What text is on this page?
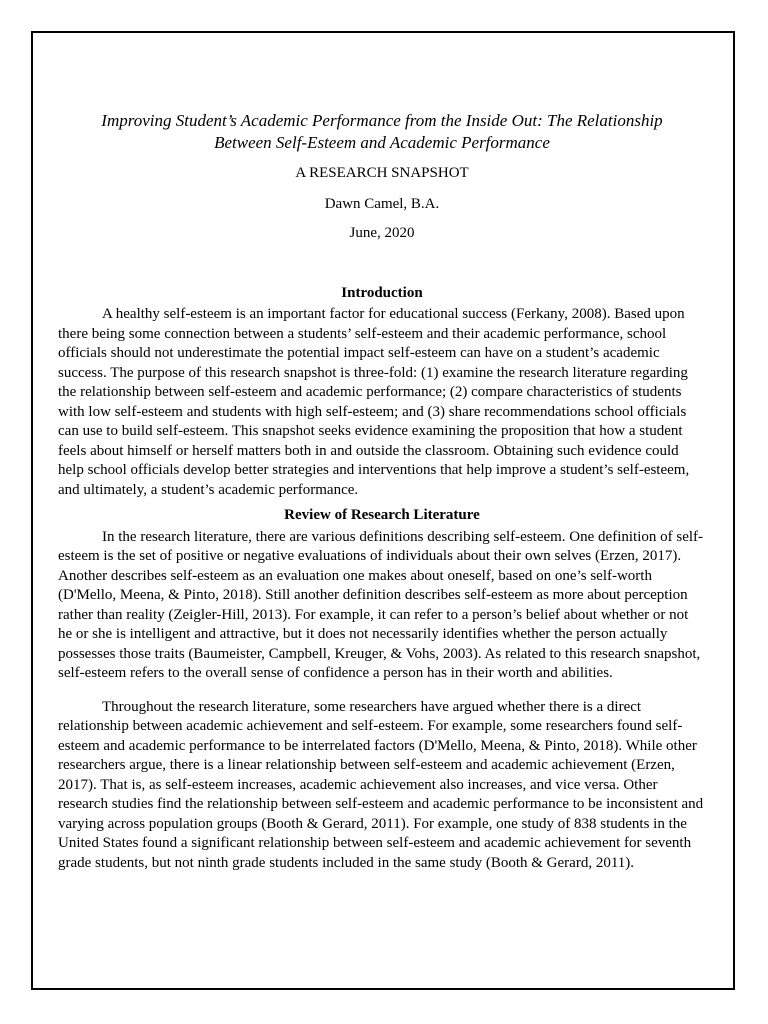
Improving Student’s Academic Performance from the Inside Out: The Relationship
Between Self-Esteem and Academic Performance
A RESEARCH SNAPSHOT
Dawn Camel, B.A.
June, 2020
Introduction

A healthy self-esteem is an important factor for educational success (Ferkany, 2008). Based upon there being some connection between a students’ self-esteem and their academic performance, school officials should not underestimate the potential impact self-esteem can have on a student’s academic success. The purpose of this research snapshot is three-fold: (1) examine the research literature regarding the relationship between self-esteem and academic performance; (2) compare characteristics of students with low self-esteem and students with high self-esteem; and (3) share recommendations school officials can use to build self-esteem. This snapshot seeks evidence examining the proposition that how a student feels about himself or herself matters both in and outside the classroom. Obtaining such evidence could help school officials develop better strategies and interventions that help improve a student’s self-esteem, and ultimately, a student’s academic performance.

Review of Research Literature

In the research literature, there are various definitions describing self-esteem. One definition of self-esteem is the set of positive or negative evaluations of individuals about their own selves (Erzen, 2017). Another describes self-esteem as an evaluation one makes about oneself, based on one’s self-worth (D'Mello, Meena, & Pinto, 2018). Still another definition describes self-esteem as more about perception rather than reality (Zeigler-Hill, 2013). For example, it can refer to a person’s belief about whether or not he or she is intelligent and attractive, but it does not necessarily identifies whether the person actually possesses those traits (Baumeister, Campbell, Kreuger, & Vohs, 2003). As related to this research snapshot, self-esteem refers to the overall sense of confidence a person has in their worth and abilities.

Throughout the research literature, some researchers have argued whether there is a direct relationship between academic achievement and self-esteem. For example, some researchers found self-esteem and academic performance to be interrelated factors (D'Mello, Meena, & Pinto, 2018). While other researchers argue, there is a linear relationship between self-esteem and academic achievement (Erzen, 2017). That is, as self-esteem increases, academic achievement also increases, and vice versa. Other research studies find the relationship between self-esteem and academic performance to be inconsistent and varying across population groups (Booth & Gerard, 2011). For example, one study of 838 students in the United States found a significant relationship between self-esteem and academic achievement for seventh grade students, but not ninth grade students included in the same study (Booth & Gerard, 2011).
